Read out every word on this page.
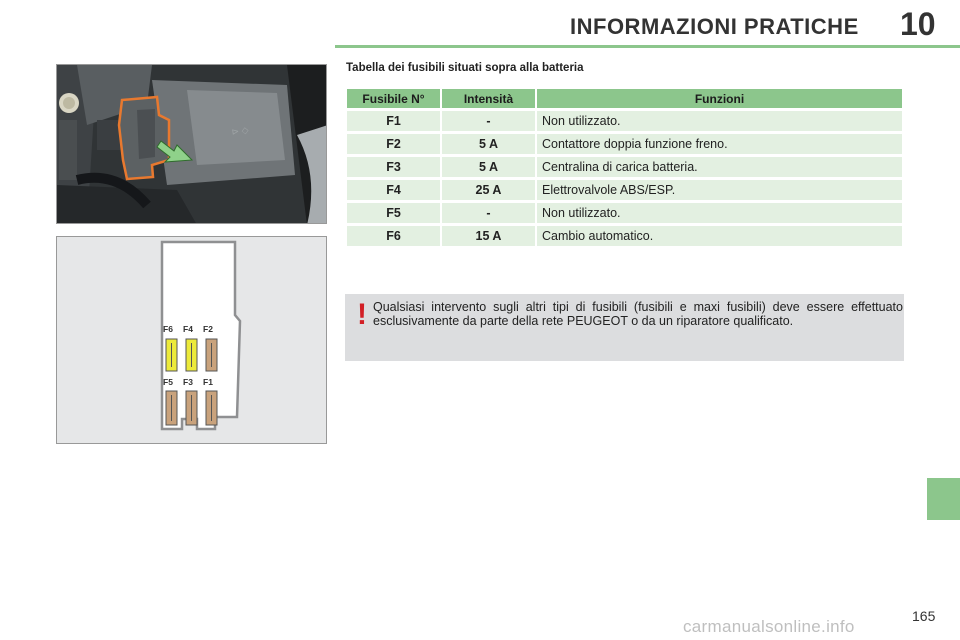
INFORMAZIONI PRATICHE 10
⊳ ◇
F6 F4 F2
F5 F3 F1
Tabella dei fusibili situati sopra alla batteria
Fusibile N°	Intensità	Funzioni
F1	-	Non utilizzato.
F2	5 A	Contattore doppia funzione freno.
F3	5 A	Centralina di carica batteria.
F4	25 A	Elettrovalvole ABS/ESP.
F5	-	Non utilizzato.
F6	15 A	Cambio automatico.
! Qualsiasi intervento sugli altri tipi di fusibili (fusibili e maxi fusibili) deve essere effettuato esclusivamente da parte della rete PEUGEOT o da un riparatore qualificato.
165
carmanualsonline.info
